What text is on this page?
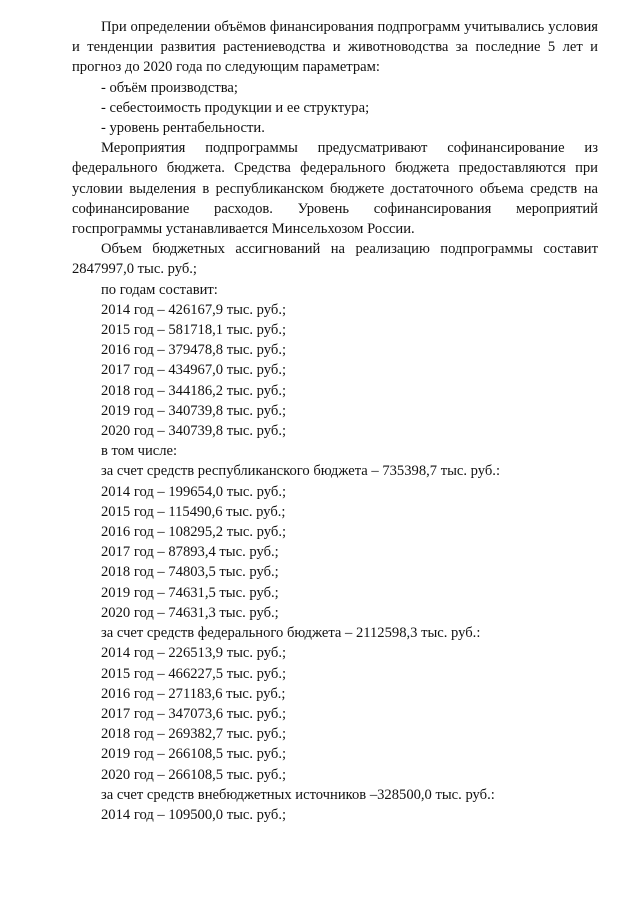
При определении объёмов финансирования подпрограмм учитывались условия и тенденции развития растениеводства и животноводства за последние 5 лет и прогноз до 2020 года по следующим параметрам:

- объём производства;

- себестоимость продукции и ее структура;

- уровень рентабельности.

Мероприятия подпрограммы предусматривают софинансирование из федерального бюджета. Средства федерального бюджета предоставляются при условии выделения в республиканском бюджете достаточного объема средств на софинансирование расходов. Уровень софинансирования мероприятий госпрограммы устанавливается Минсельхозом России.

Объем бюджетных ассигнований на реализацию подпрограммы составит 2847997,0 тыс. руб.;

по годам составит:

2014 год – 426167,9 тыс. руб.;

2015 год – 581718,1 тыс. руб.;

2016 год – 379478,8 тыс. руб.;

2017 год – 434967,0 тыс. руб.;

2018 год – 344186,2 тыс. руб.;

2019 год – 340739,8 тыс. руб.;

2020 год – 340739,8 тыс. руб.;

в том числе:

за счет средств республиканского бюджета – 735398,7 тыс. руб.:

2014 год – 199654,0 тыс. руб.;

2015 год – 115490,6 тыс. руб.;

2016 год – 108295,2 тыс. руб.;

2017 год – 87893,4 тыс. руб.;

2018 год – 74803,5 тыс. руб.;

2019 год – 74631,5 тыс. руб.;

2020 год – 74631,3 тыс. руб.;

за счет средств федерального бюджета – 2112598,3 тыс. руб.:

2014 год – 226513,9 тыс. руб.;

2015 год – 466227,5 тыс. руб.;

2016 год – 271183,6 тыс. руб.;

2017 год – 347073,6 тыс. руб.;

2018 год – 269382,7 тыс. руб.;

2019 год – 266108,5 тыс. руб.;

2020 год – 266108,5 тыс. руб.;

за счет средств внебюджетных источников –328500,0 тыс. руб.:

2014 год – 109500,0 тыс. руб.;
